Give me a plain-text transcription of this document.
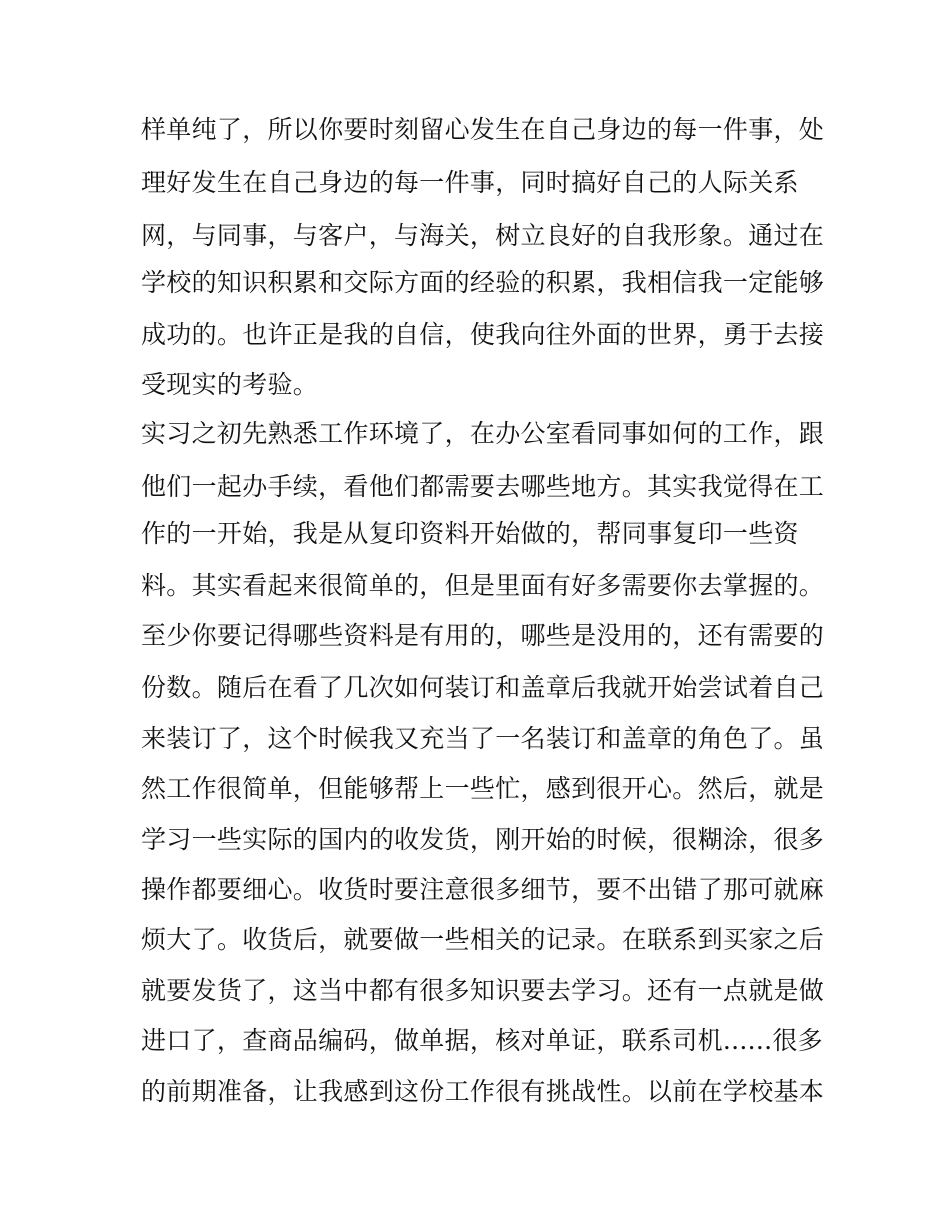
样单纯了，所以你要时刻留心发生在自己身边的每一件事，处
理好发生在自己身边的每一件事，同时搞好自己的人际关系
网，与同事，与客户，与海关，树立良好的自我形象。通过在
学校的知识积累和交际方面的经验的积累，我相信我一定能够
成功的。也许正是我的自信，使我向往外面的世界，勇于去接
受现实的考验。
实习之初先熟悉工作环境了，在办公室看同事如何的工作，跟
他们一起办手续，看他们都需要去哪些地方。其实我觉得在工
作的一开始，我是从复印资料开始做的，帮同事复印一些资
料。其实看起来很简单的，但是里面有好多需要你去掌握的。
至少你要记得哪些资料是有用的，哪些是没用的，还有需要的
份数。随后在看了几次如何装订和盖章后我就开始尝试着自己
来装订了，这个时候我又充当了一名装订和盖章的角色了。虽
然工作很简单，但能够帮上一些忙，感到很开心。然后，就是
学习一些实际的国内的收发货，刚开始的时候，很糊涂，很多
操作都要细心。收货时要注意很多细节，要不出错了那可就麻
烦大了。收货后，就要做一些相关的记录。在联系到买家之后
就要发货了，这当中都有很多知识要去学习。还有一点就是做
进口了，查商品编码，做单据，核对单证，联系司机......很多
的前期准备，让我感到这份工作很有挑战性。以前在学校基本
